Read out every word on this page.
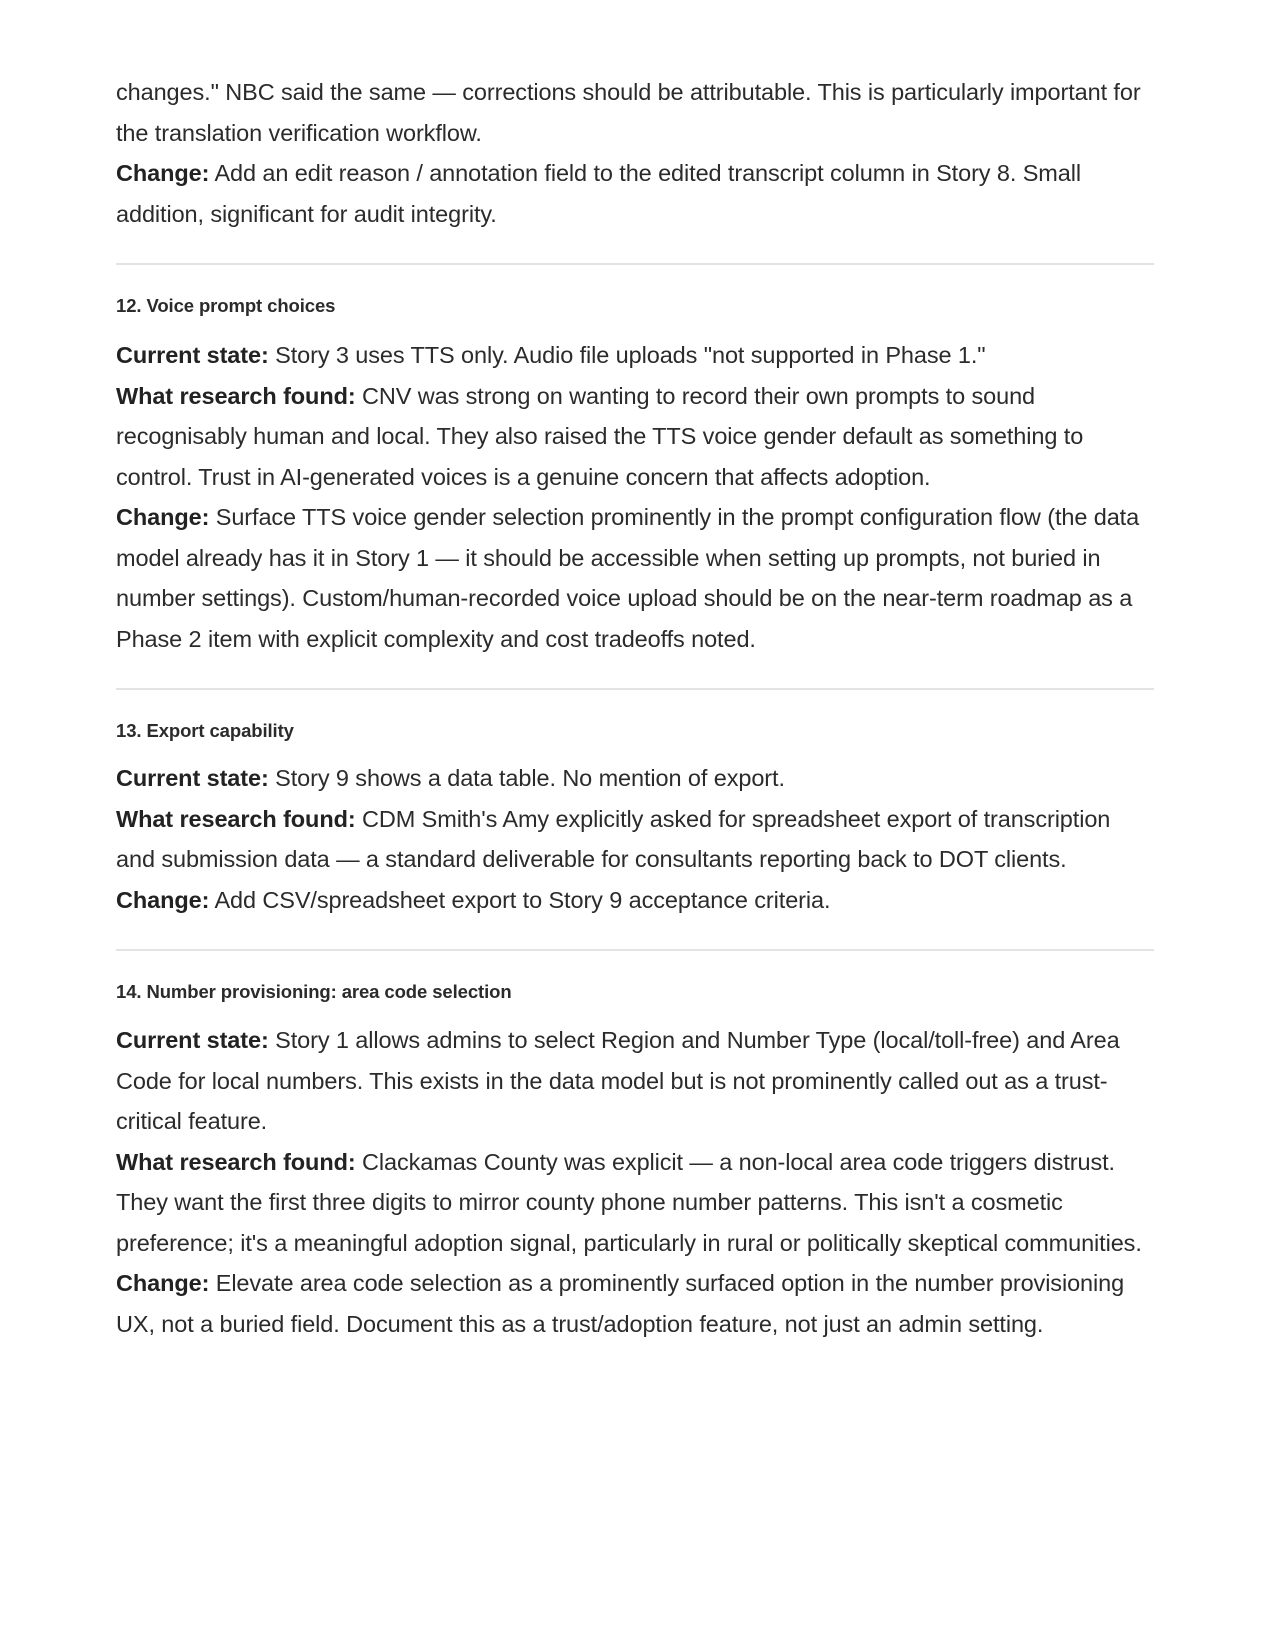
changes." NBC said the same — corrections should be attributable. This is particularly important for the translation verification workflow.

Change: Add an edit reason / annotation field to the edited transcript column in Story 8. Small addition, significant for audit integrity.

12. Voice prompt choices

Current state: Story 3 uses TTS only. Audio file uploads "not supported in Phase 1."

What research found: CNV was strong on wanting to record their own prompts to sound recognisably human and local. They also raised the TTS voice gender default as something to control. Trust in AI-generated voices is a genuine concern that affects adoption.

Change: Surface TTS voice gender selection prominently in the prompt configuration flow (the data model already has it in Story 1 — it should be accessible when setting up prompts, not buried in number settings). Custom/human-recorded voice upload should be on the near-term roadmap as a Phase 2 item with explicit complexity and cost tradeoffs noted.

13. Export capability

Current state: Story 9 shows a data table. No mention of export.

What research found: CDM Smith's Amy explicitly asked for spreadsheet export of transcription and submission data — a standard deliverable for consultants reporting back to DOT clients.

Change: Add CSV/spreadsheet export to Story 9 acceptance criteria.

14. Number provisioning: area code selection

Current state: Story 1 allows admins to select Region and Number Type (local/toll-free) and Area Code for local numbers. This exists in the data model but is not prominently called out as a trust-critical feature.

What research found: Clackamas County was explicit — a non-local area code triggers distrust. They want the first three digits to mirror county phone number patterns. This isn't a cosmetic preference; it's a meaningful adoption signal, particularly in rural or politically skeptical communities.

Change: Elevate area code selection as a prominently surfaced option in the number provisioning UX, not a buried field. Document this as a trust/adoption feature, not just an admin setting.
